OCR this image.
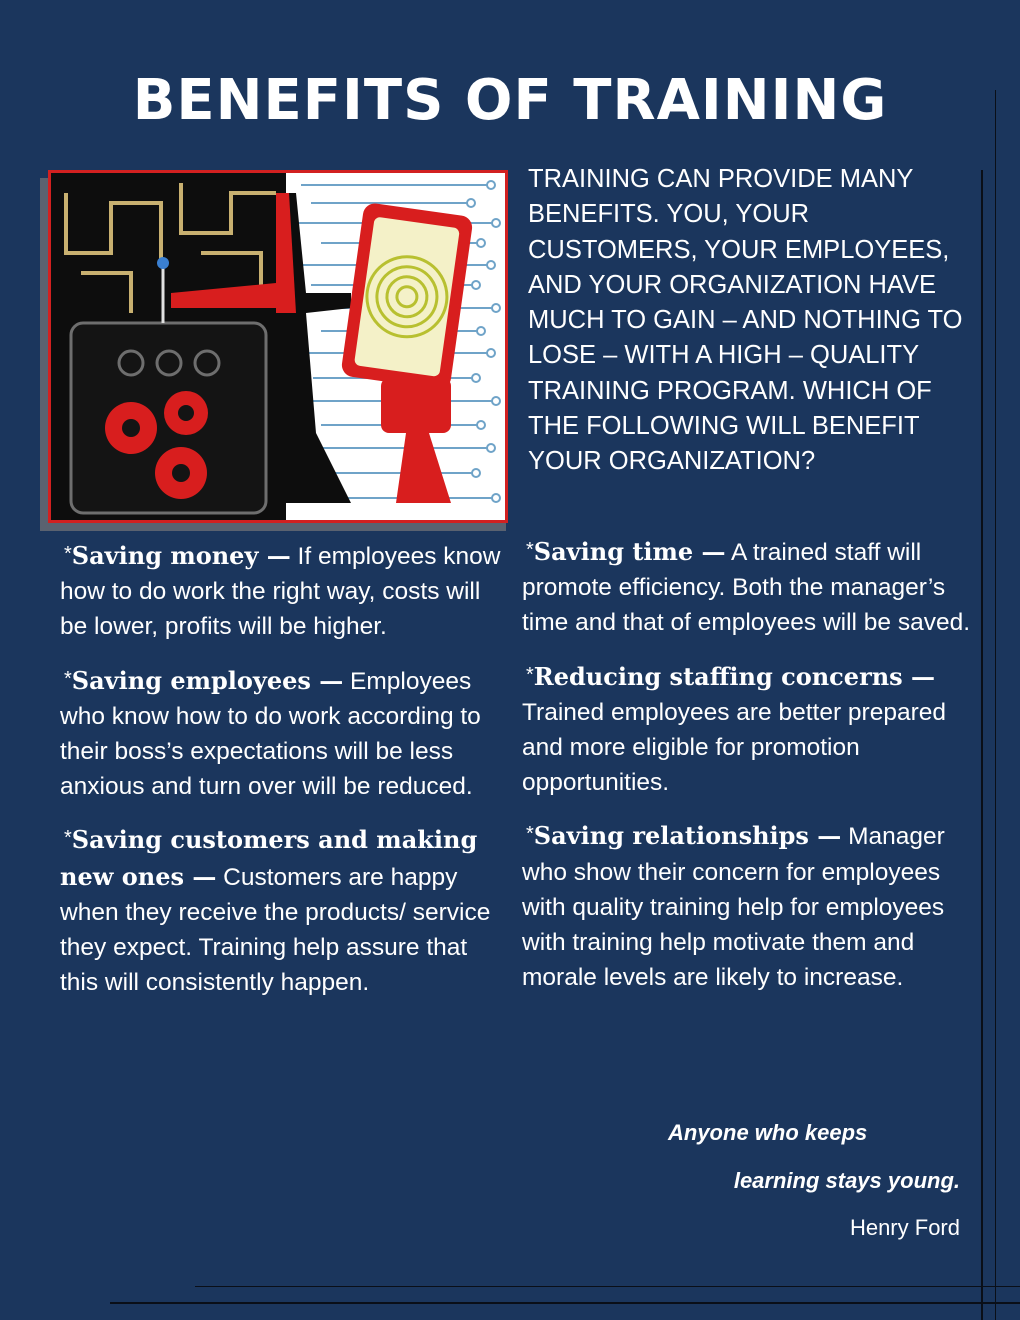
BENEFITS OF TRAINING

TRAINING CAN PROVIDE MANY BENEFITS. YOU, YOUR CUSTOMERS, YOUR EMPLOYEES, AND YOUR ORGANIZATION HAVE MUCH TO GAIN – AND NOTHING TO LOSE – WITH A HIGH – QUALITY TRAINING PROGRAM. WHICH OF THE FOLLOWING WILL BENEFIT YOUR ORGANIZATION?

*Saving money — If employees know how to do work the right way, costs will be lower, profits will be higher.

*Saving employees — Employees who know how to do work according to their boss’s expectations will be less anxious and turn over will be reduced.

*Saving customers and making new ones — Customers are happy when they receive the products/ service they expect. Training help assure that this will consistently happen.

*Saving time — A trained staff will promote efficiency. Both the manager’s time and that of employees will be saved.

*Reducing staffing concerns — Trained employees are better prepared and more eligible for promotion opportunities.

*Saving relationships — Manager who show their concern for employees with quality training help for employees with training help motivate them and morale levels are likely to increase.

Anyone who keeps

learning stays young.

Henry Ford
